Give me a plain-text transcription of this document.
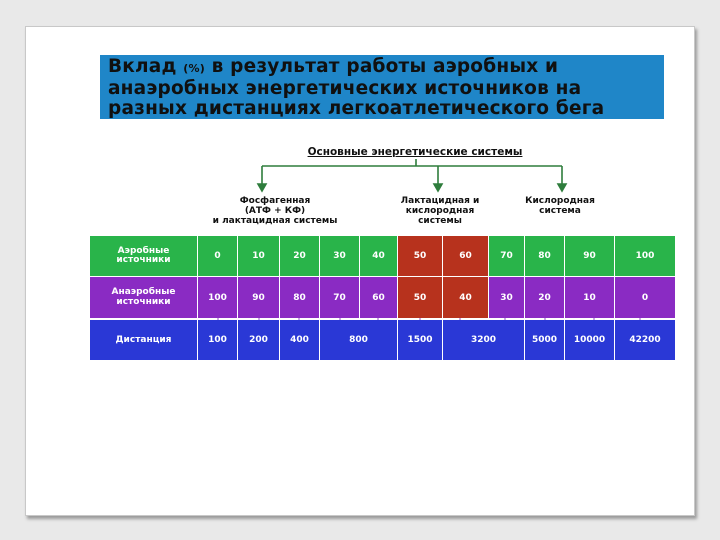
Вклад (%) в результат работы аэробных и
анаэробных энергетических источников на
разных дистанциях легкоатлетического бега
Основные энергетические системы
Фосфагенная
(АТФ + КФ)
и лактацидная системы
Лактацидная и
кислородная
системы
Кислородная
система
Аэробные
источники	0	10	20	30	40	50	60	70	80	90	100
Анаэробные
источники	100	90	80	70	60	50	40	30	20	10	0
Дистанция	100	200	400	800	1500	3200	5000	10000	42200
